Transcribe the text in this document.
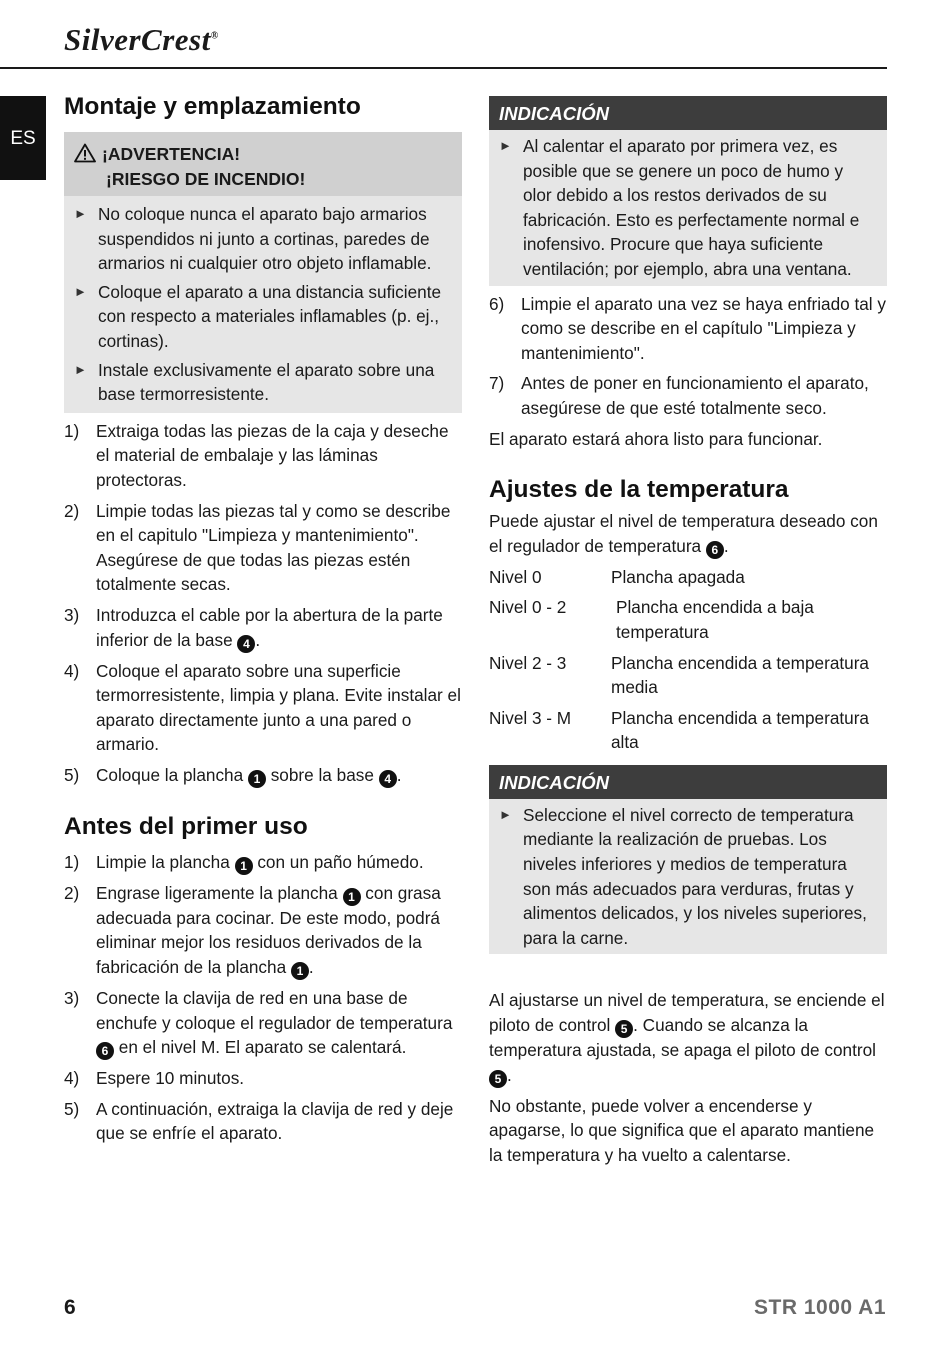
SilverCrest®
ES
Montaje y emplazamiento
¡ADVERTENCIA!
¡RIESGO DE INCENDIO!
► No coloque nunca el aparato bajo armarios suspendidos ni junto a cortinas, paredes de armarios ni cualquier otro objeto inflamable.
► Coloque el aparato a una distancia suficiente con respecto a materiales inflamables (p. ej., cortinas).
► Instale exclusivamente el aparato sobre una base termorresistente.
1) Extraiga todas las piezas de la caja y deseche el material de embalaje y las láminas protectoras.
2) Limpie todas las piezas tal y como se describe en el capitulo "Limpieza y mantenimiento". Asegúrese de que todas las piezas estén totalmente secas.
3) Introduzca el cable por la abertura de la parte inferior de la base 4 .
4) Coloque el aparato sobre una superficie termorresistente, limpia y plana. Evite instalar el aparato directamente junto a una pared o armario.
5) Coloque la plancha 1 sobre la base 4 .
Antes del primer uso
1) Limpie la plancha 1 con un paño húmedo.
2) Engrase ligeramente la plancha 1 con grasa adecuada para cocinar. De este modo, podrá eliminar mejor los residuos derivados de la fabricación de la plancha 1 .
3) Conecte la clavija de red en una base de enchufe y coloque el regulador de temperatura 6 en el nivel M. El aparato se calentará.
4) Espere 10 minutos.
5) A continuación, extraiga la clavija de red y deje que se enfríe el aparato.
INDICACIÓN
► Al calentar el aparato por primera vez, es posible que se genere un poco de humo y olor debido a los restos derivados de su fabricación. Esto es perfectamente normal e inofensivo. Procure que haya suficiente ventilación; por ejemplo, abra una ventana.
6) Limpie el aparato una vez se haya enfriado tal y como se describe en el capítulo "Limpieza y mantenimiento".
7) Antes de poner en funcionamiento el aparato, asegúrese de que esté totalmente seco.
El aparato estará ahora listo para funcionar.
Ajustes de la temperatura
Puede ajustar el nivel de temperatura deseado con el regulador de temperatura 6 .
Nivel 0	Plancha apagada
Nivel 0 - 2	Plancha encendida a baja temperatura
Nivel 2 - 3	Plancha encendida a temperatura media
Nivel 3 - M	Plancha encendida a temperatura alta
INDICACIÓN
► Seleccione el nivel correcto de temperatura mediante la realización de pruebas. Los niveles inferiores y medios de temperatura son más adecuados para verduras, frutas y alimentos delicados, y los niveles superiores, para la carne.
Al ajustarse un nivel de temperatura, se enciende el piloto de control 5 . Cuando se alcanza la temperatura ajustada, se apaga el piloto de control 5 .
No obstante, puede volver a encenderse y apagarse, lo que significa que el aparato mantiene la temperatura y ha vuelto a calentarse.
6	STR 1000 A1
